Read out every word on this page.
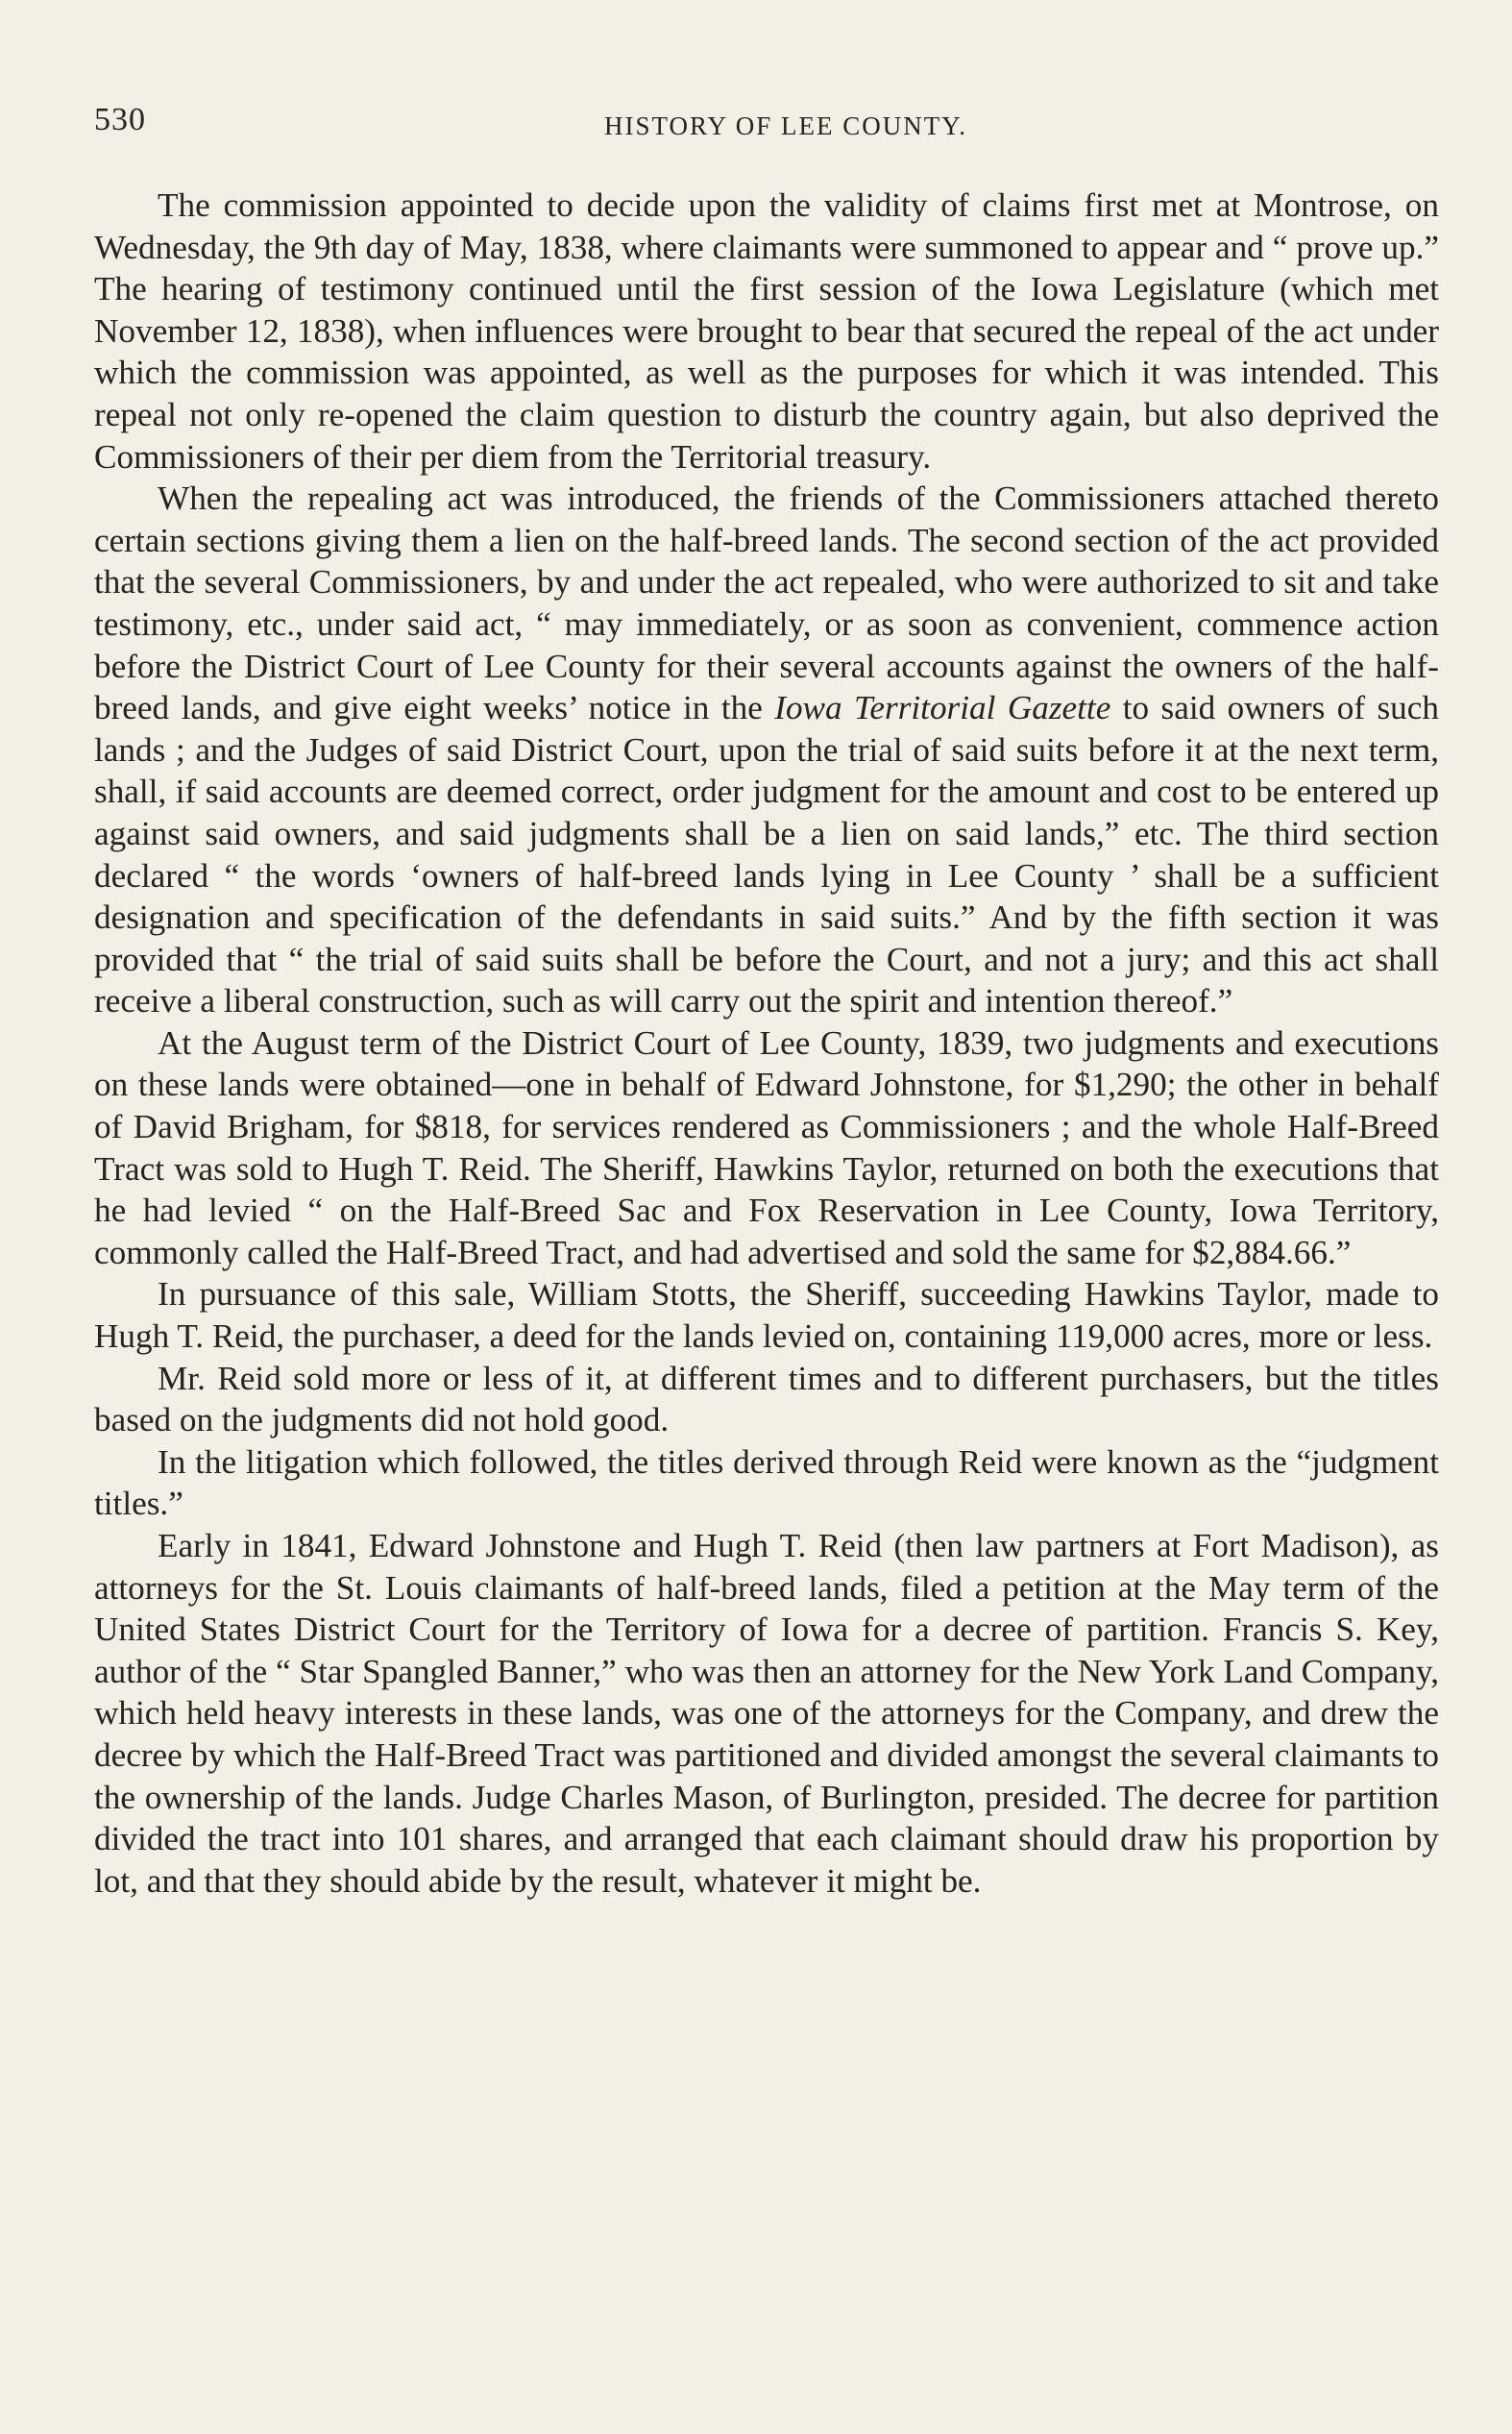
530	HISTORY OF LEE COUNTY.

The commission appointed to decide upon the validity of claims first met at Montrose, on Wednesday, the 9th day of May, 1838, where claimants were summoned to appear and “ prove up.” The hearing of testimony continued until the first session of the Iowa Legislature (which met November 12, 1838), when influences were brought to bear that secured the repeal of the act under which the commission was appointed, as well as the purposes for which it was intended. This repeal not only re-opened the claim question to disturb the country again, but also deprived the Commissioners of their per diem from the Territorial treasury.

When the repealing act was introduced, the friends of the Commissioners attached thereto certain sections giving them a lien on the half-breed lands. The second section of the act provided that the several Commissioners, by and under the act repealed, who were authorized to sit and take testimony, etc., under said act, “ may immediately, or as soon as convenient, commence action before the District Court of Lee County for their several accounts against the owners of the half-breed lands, and give eight weeks’ notice in the Iowa Territorial Gazette to said owners of such lands ; and the Judges of said District Court, upon the trial of said suits before it at the next term, shall, if said accounts are deemed correct, order judgment for the amount and cost to be entered up against said owners, and said judgments shall be a lien on said lands,” etc. The third section declared “ the words ‘owners of half-breed lands lying in Lee County ’ shall be a sufficient designation and specification of the defendants in said suits.” And by the fifth section it was provided that “ the trial of said suits shall be before the Court, and not a jury; and this act shall receive a liberal construction, such as will carry out the spirit and intention thereof.”

At the August term of the District Court of Lee County, 1839, two judgments and executions on these lands were obtained—one in behalf of Edward Johnstone, for $1,290; the other in behalf of David Brigham, for $818, for services rendered as Commissioners ; and the whole Half-Breed Tract was sold to Hugh T. Reid. The Sheriff, Hawkins Taylor, returned on both the executions that he had levied “ on the Half-Breed Sac and Fox Reservation in Lee County, Iowa Territory, commonly called the Half-Breed Tract, and had advertised and sold the same for $2,884.66.”

In pursuance of this sale, William Stotts, the Sheriff, succeeding Hawkins Taylor, made to Hugh T. Reid, the purchaser, a deed for the lands levied on, containing 119,000 acres, more or less.

Mr. Reid sold more or less of it, at different times and to different purchasers, but the titles based on the judgments did not hold good.

In the litigation which followed, the titles derived through Reid were known as the “judgment titles.”

Early in 1841, Edward Johnstone and Hugh T. Reid (then law partners at Fort Madison), as attorneys for the St. Louis claimants of half-breed lands, filed a petition at the May term of the United States District Court for the Territory of Iowa for a decree of partition. Francis S. Key, author of the “ Star Spangled Banner,” who was then an attorney for the New York Land Company, which held heavy interests in these lands, was one of the attorneys for the Company, and drew the decree by which the Half-Breed Tract was partitioned and divided amongst the several claimants to the ownership of the lands. Judge Charles Mason, of Burlington, presided. The decree for partition divided the tract into 101 shares, and arranged that each claimant should draw his proportion by lot, and that they should abide by the result, whatever it might be.
